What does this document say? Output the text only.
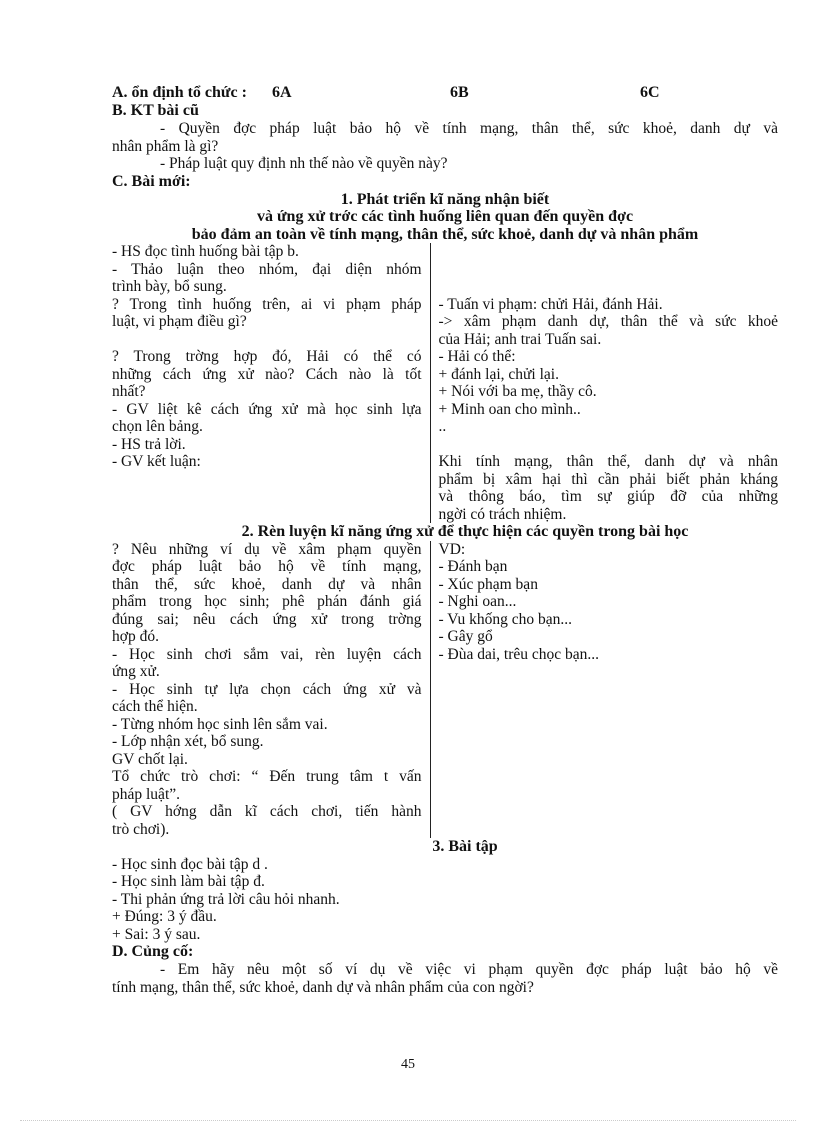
A. ổn định tổ chức : 6A	6B	6C
B. KT bài cũ
- Quyền đợc pháp luật bảo hộ về tính mạng, thân thể, sức khoẻ, danh dự và
nhân phẩm là gì?
- Pháp luật quy định nh thế nào về quyền này?
C. Bài mới:
1. Phát triển kĩ năng nhận biết
và ứng xử trớc các tình huống liên quan đến quyền đợc
bảo đảm an toàn về tính mạng, thân thể, sức khoẻ, danh dự và nhân phẩm
- HS đọc tình huống bài tập b.
- Thảo luận theo nhóm, đại diện nhóm
trình bày, bổ sung.
? Trong tình huống trên, ai vi phạm pháp
luật, vi phạm điều gì?
? Trong trờng hợp đó, Hải có thể có
những cách ứng xử nào? Cách nào là tốt
nhất?
- GV liệt kê cách ứng xử mà học sinh lựa
chọn lên bảng.
- HS trả lời.
- GV kết luận:
- Tuấn vi phạm: chửi Hải, đánh Hải.
-> xâm phạm danh dự, thân thể và sức khoẻ
của Hải; anh trai Tuấn sai.
- Hải có thể:
+ đánh lại, chửi lại.
+ Nói với ba mẹ, thầy cô.
+ Minh oan cho mình..
..
Khi tính mạng, thân thể, danh dự và nhân
phẩm bị xâm hại thì cần phải biết phản kháng
và thông báo, tìm sự giúp đỡ của những
ngời có trách nhiệm.
2. Rèn luyện kĩ năng ứng xử để thực hiện các quyền trong bài học
? Nêu những ví dụ về xâm phạm quyền
đợc pháp luật bảo hộ về tính mạng,
thân thể, sức khoẻ, danh dự và nhân
phẩm trong học sinh; phê phán đánh giá
đúng sai; nêu cách ứng xử trong trờng
hợp đó.
- Học sinh chơi sắm vai, rèn luyện cách
ứng xử.
- Học sinh tự lựa chọn cách ứng xử và
cách thể hiện.
- Từng nhóm học sinh lên sắm vai.
- Lớp nhận xét, bổ sung.
GV chốt lại.
Tổ chức trò chơi: “ Đến trung tâm t vấn
pháp luật”.
( GV hớng dẫn kĩ cách chơi, tiến hành
trò chơi).
VD:
- Đánh bạn
- Xúc phạm bạn
- Nghi oan...
- Vu khống cho bạn...
- Gây gổ
- Đùa dai, trêu chọc bạn...
3. Bài tập
- Học sinh đọc bài tập d .
- Học sinh làm bài tập đ.
- Thi phản ứng trả lời câu hỏi nhanh.
+ Đúng: 3 ý đầu.
+ Sai: 3 ý sau.
D. Củng cố:
- Em hãy nêu một số ví dụ về việc vi phạm quyền đợc pháp luật bảo hộ về
tính mạng, thân thể, sức khoẻ, danh dự và nhân phẩm của con ngời?
45
